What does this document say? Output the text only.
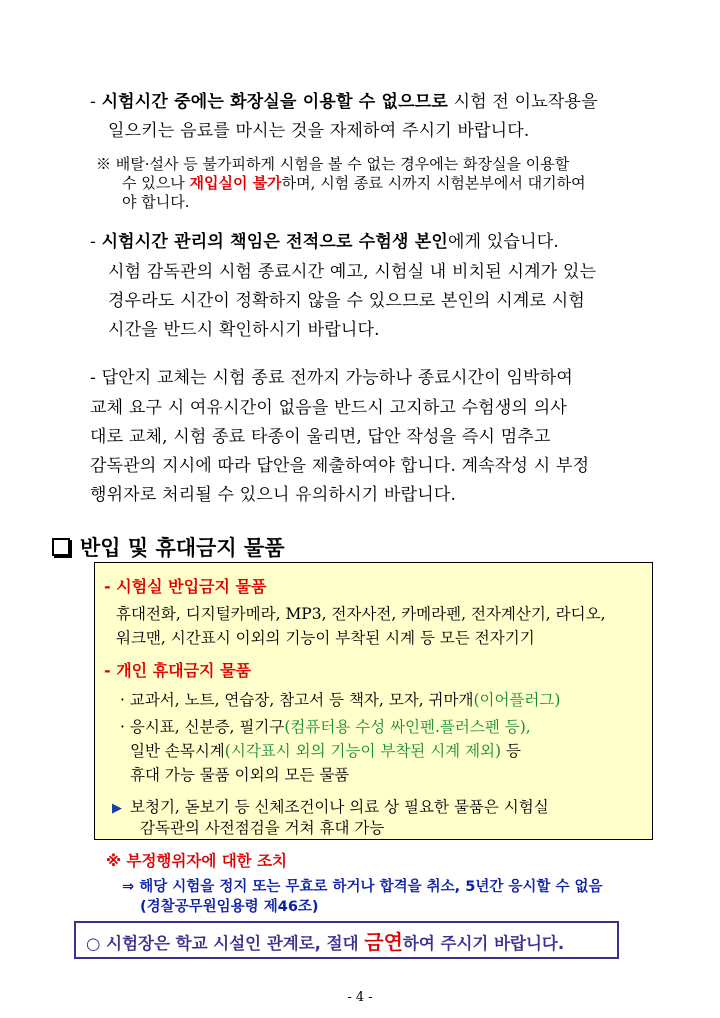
- 시험시간 중에는 화장실을 이용할 수 없으므로 시험 전 이뇨작용을
일으키는 음료를 마시는 것을 자제하여 주시기 바랍니다.
※ 배탈·설사 등 불가피하게 시험을 볼 수 없는 경우에는 화장실을 이용할
수 있으나 재입실이 불가하며, 시험 종료 시까지 시험본부에서 대기하여
야 합니다.
- 시험시간 관리의 책임은 전적으로 수험생 본인에게 있습니다.
시험 감독관의 시험 종료시간 예고, 시험실 내 비치된 시계가 있는
경우라도 시간이 정확하지 않을 수 있으므로 본인의 시계로 시험
시간을 반드시 확인하시기 바랍니다.
- 답안지 교체는 시험 종료 전까지 가능하나 종료시간이 임박하여
교체 요구 시 여유시간이 없음을 반드시 고지하고 수험생의 의사
대로 교체, 시험 종료 타종이 울리면, 답안 작성을 즉시 멈추고
감독관의 지시에 따라 답안을 제출하여야 합니다. 계속작성 시 부정
행위자로 처리될 수 있으니 유의하시기 바랍니다.
반입 및 휴대금지 물품
- 시험실 반입금지 물품
휴대전화, 디지털카메라, MP3, 전자사전, 카메라펜, 전자계산기, 라디오,
워크맨, 시간표시 이외의 기능이 부착된 시계 등 모든 전자기기
- 개인 휴대금지 물품
· 교과서, 노트, 연습장, 참고서 등 책자, 모자, 귀마개(이어플러그)
· 응시표, 신분증, 필기구(컴퓨터용 수성 싸인펜.플러스펜 등),
일반 손목시계(시각표시 외의 기능이 부착된 시계 제외) 등
휴대 가능 물품 이외의 모든 물품
▶ 보청기, 돋보기 등 신체조건이나 의료 상 필요한 물품은 시험실
감독관의 사전점검을 거쳐 휴대 가능
※ 부정행위자에 대한 조치
⇒ 해당 시험을 정지 또는 무효로 하거나 합격을 취소, 5년간 응시할 수 없음
(경찰공무원임용령 제46조)
○ 시험장은 학교 시설인 관계로, 절대 금연하여 주시기 바랍니다.
- 4 -
